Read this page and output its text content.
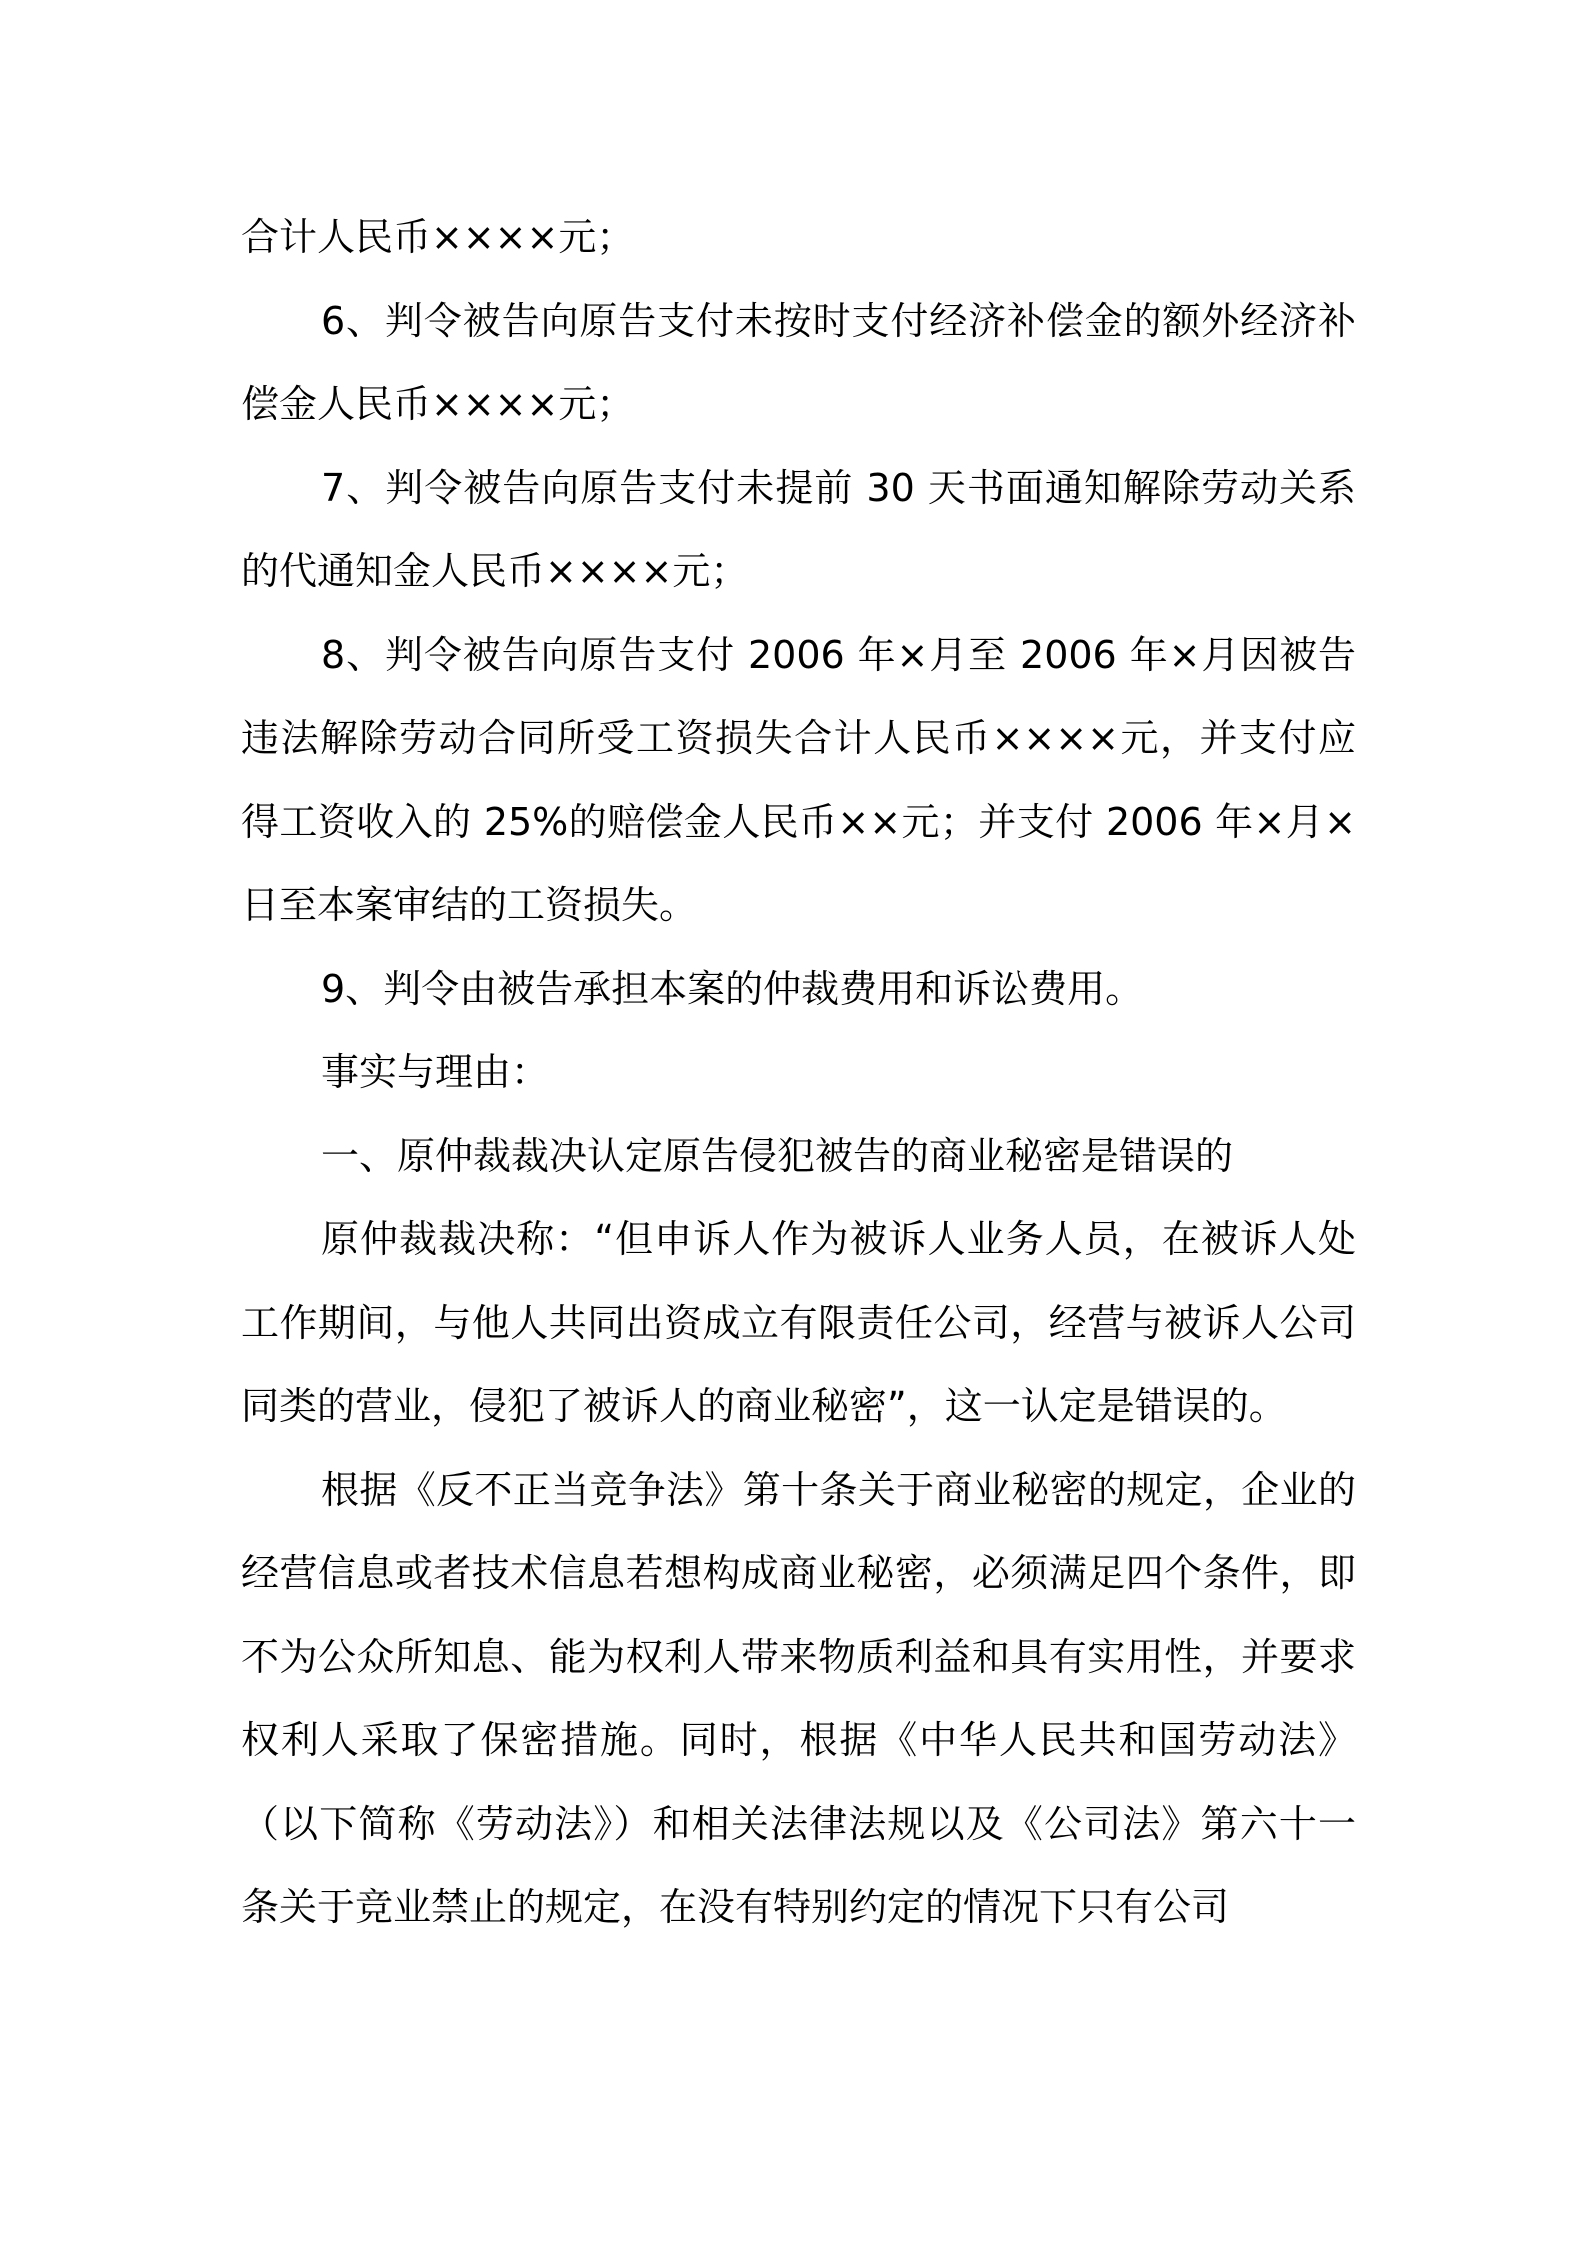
合计人民币××××元；

6、判令被告向原告支付未按时支付经济补偿金的额外经济补偿金人民币××××元；

7、判令被告向原告支付未提前 30 天书面通知解除劳动关系的代通知金人民币××××元；

8、判令被告向原告支付 2006 年×月至 2006 年×月因被告违法解除劳动合同所受工资损失合计人民币××××元，并支付应得工资收入的 25%的赔偿金人民币××元；并支付 2006 年×月×日至本案审结的工资损失。

9、判令由被告承担本案的仲裁费用和诉讼费用。

事实与理由：

一、原仲裁裁决认定原告侵犯被告的商业秘密是错误的

原仲裁裁决称：“但申诉人作为被诉人业务人员，在被诉人处工作期间，与他人共同出资成立有限责任公司，经营与被诉人公司同类的营业，侵犯了被诉人的商业秘密”，这一认定是错误的。

根据《反不正当竞争法》第十条关于商业秘密的规定，企业的经营信息或者技术信息若想构成商业秘密，必须满足四个条件，即不为公众所知息、能为权利人带来物质利益和具有实用性，并要求权利人采取了保密措施。同时，根据《中华人民共和国劳动法》（以下简称《劳动法》）和相关法律法规以及《公司法》第六十一条关于竞业禁止的规定，在没有特别约定的情况下只有公司
